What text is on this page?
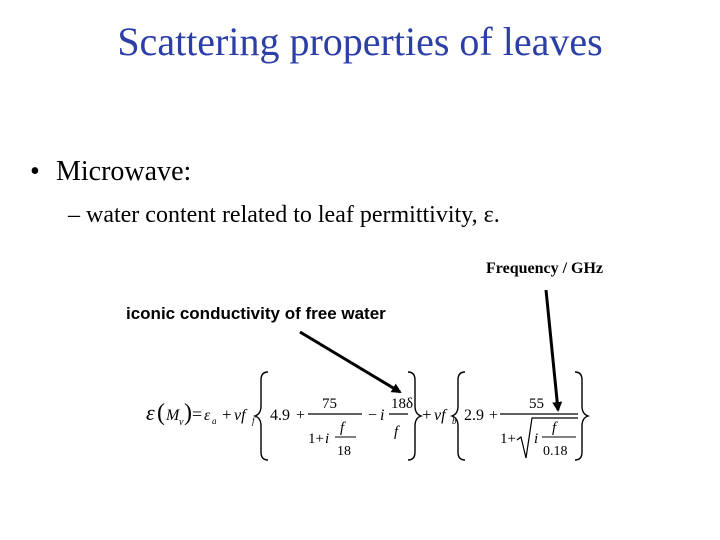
Scattering properties of leaves
• Microwave:
– water content related to leaf permittivity, ε.
Frequency / GHz
iconic conductivity of free water
ε ( M v ) = ε a + vf f 4.9 +
75
1+ i
f
18
− i
18δ
f
+ vf b 2.9 +
55
1+ i
f
0.18
